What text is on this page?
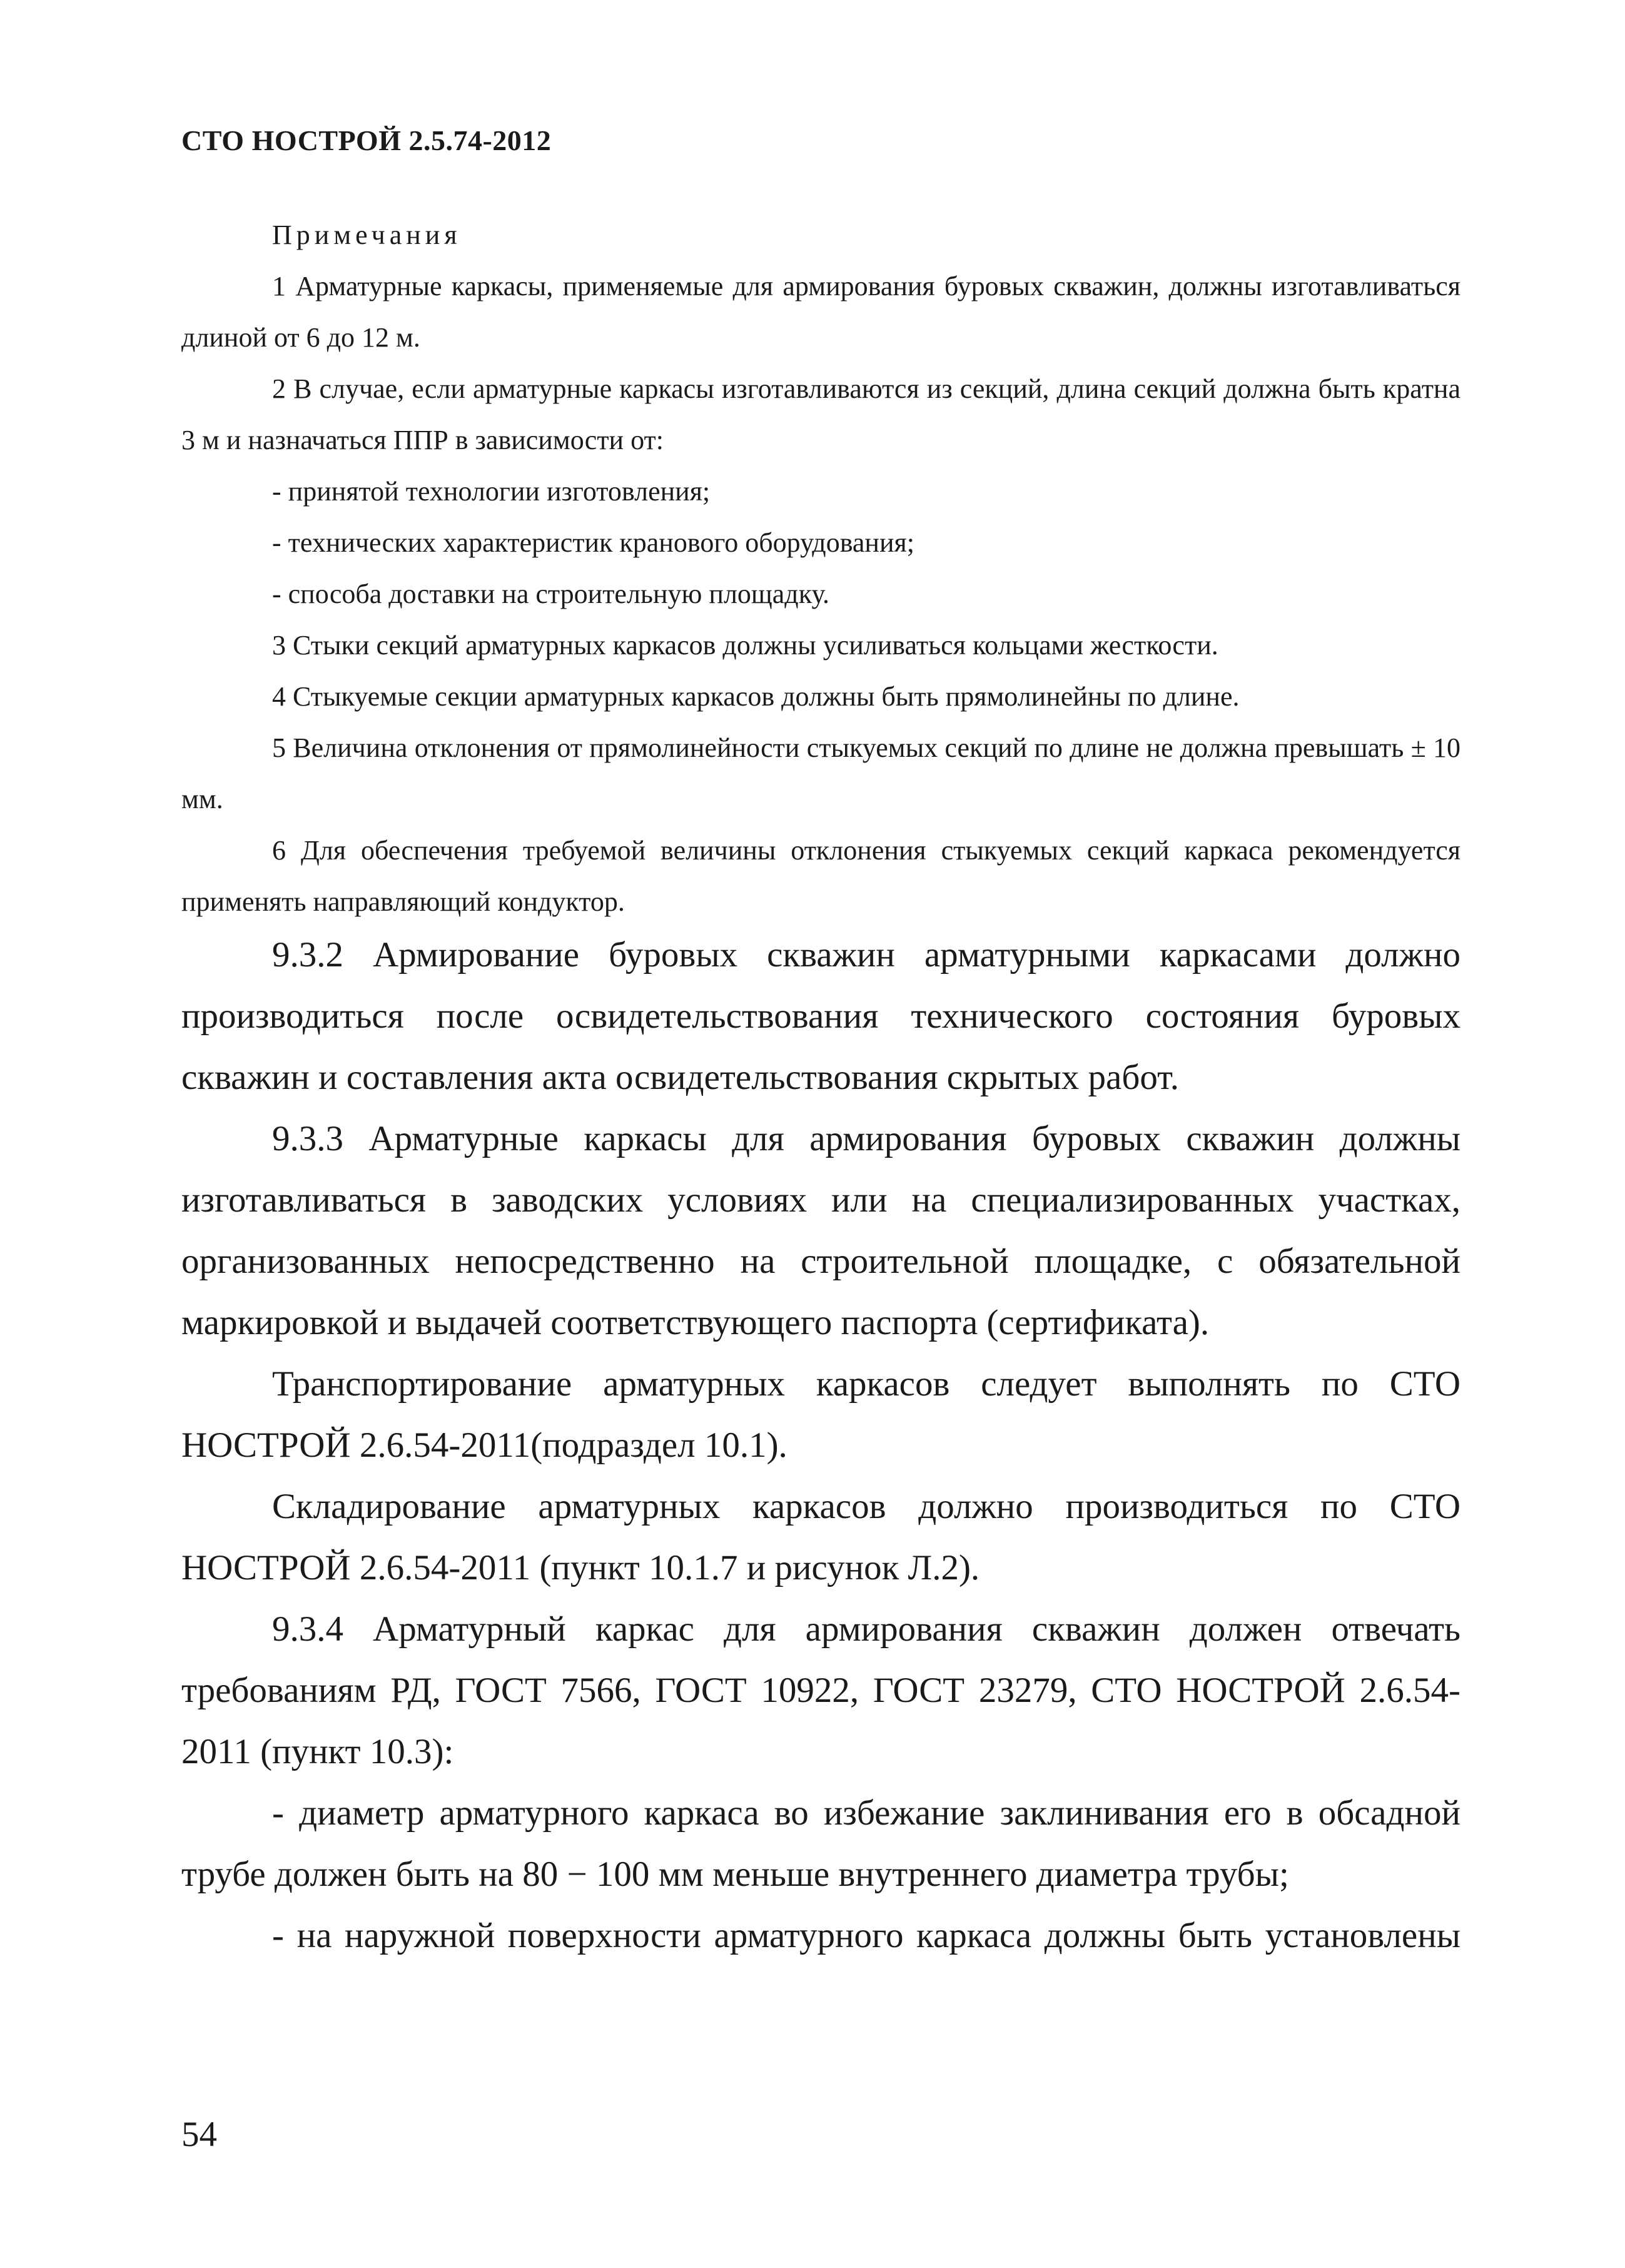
СТО НОСТРОЙ 2.5.74-2012
Примечания

1 Арматурные каркасы, применяемые для армирования буровых скважин, должны изготавливаться длиной от 6 до 12 м.

2 В случае, если арматурные каркасы изготавливаются из секций, длина секций должна быть кратна 3 м и назначаться ППР в зависимости от:

- принятой технологии изготовления;
- технических характеристик кранового оборудования;
- способа доставки на строительную площадку.

3 Стыки секций арматурных каркасов должны усиливаться кольцами жесткости.

4 Стыкуемые секции арматурных каркасов должны быть прямолинейны по длине.

5 Величина отклонения от прямолинейности стыкуемых секций по длине не должна превышать ± 10 мм.

6 Для обеспечения требуемой величины отклонения стыкуемых секций каркаса рекомендуется применять направляющий кондуктор.

9.3.2 Армирование буровых скважин арматурными каркасами должно производиться после освидетельствования технического состояния буровых скважин и составления акта освидетельствования скрытых работ.

9.3.3 Арматурные каркасы для армирования буровых скважин должны изготавливаться в заводских условиях или на специализированных участках, организованных непосредственно на строительной площадке, с обязательной маркировкой и выдачей соответствующего паспорта (сертификата).

Транспортирование арматурных каркасов следует выполнять по СТО НОСТРОЙ 2.6.54-2011(подраздел 10.1).

Складирование арматурных каркасов должно производиться по СТО НОСТРОЙ 2.6.54-2011 (пункт 10.1.7 и рисунок Л.2).

9.3.4 Арматурный каркас для армирования скважин должен отвечать требованиям РД, ГОСТ 7566, ГОСТ 10922, ГОСТ 23279, СТО НОСТРОЙ 2.6.54-2011 (пункт 10.3):

- диаметр арматурного каркаса во избежание заклинивания его в обсадной трубе должен быть на 80 − 100 мм меньше внутреннего диаметра трубы;

- на наружной поверхности арматурного каркаса должны быть установлены

54
